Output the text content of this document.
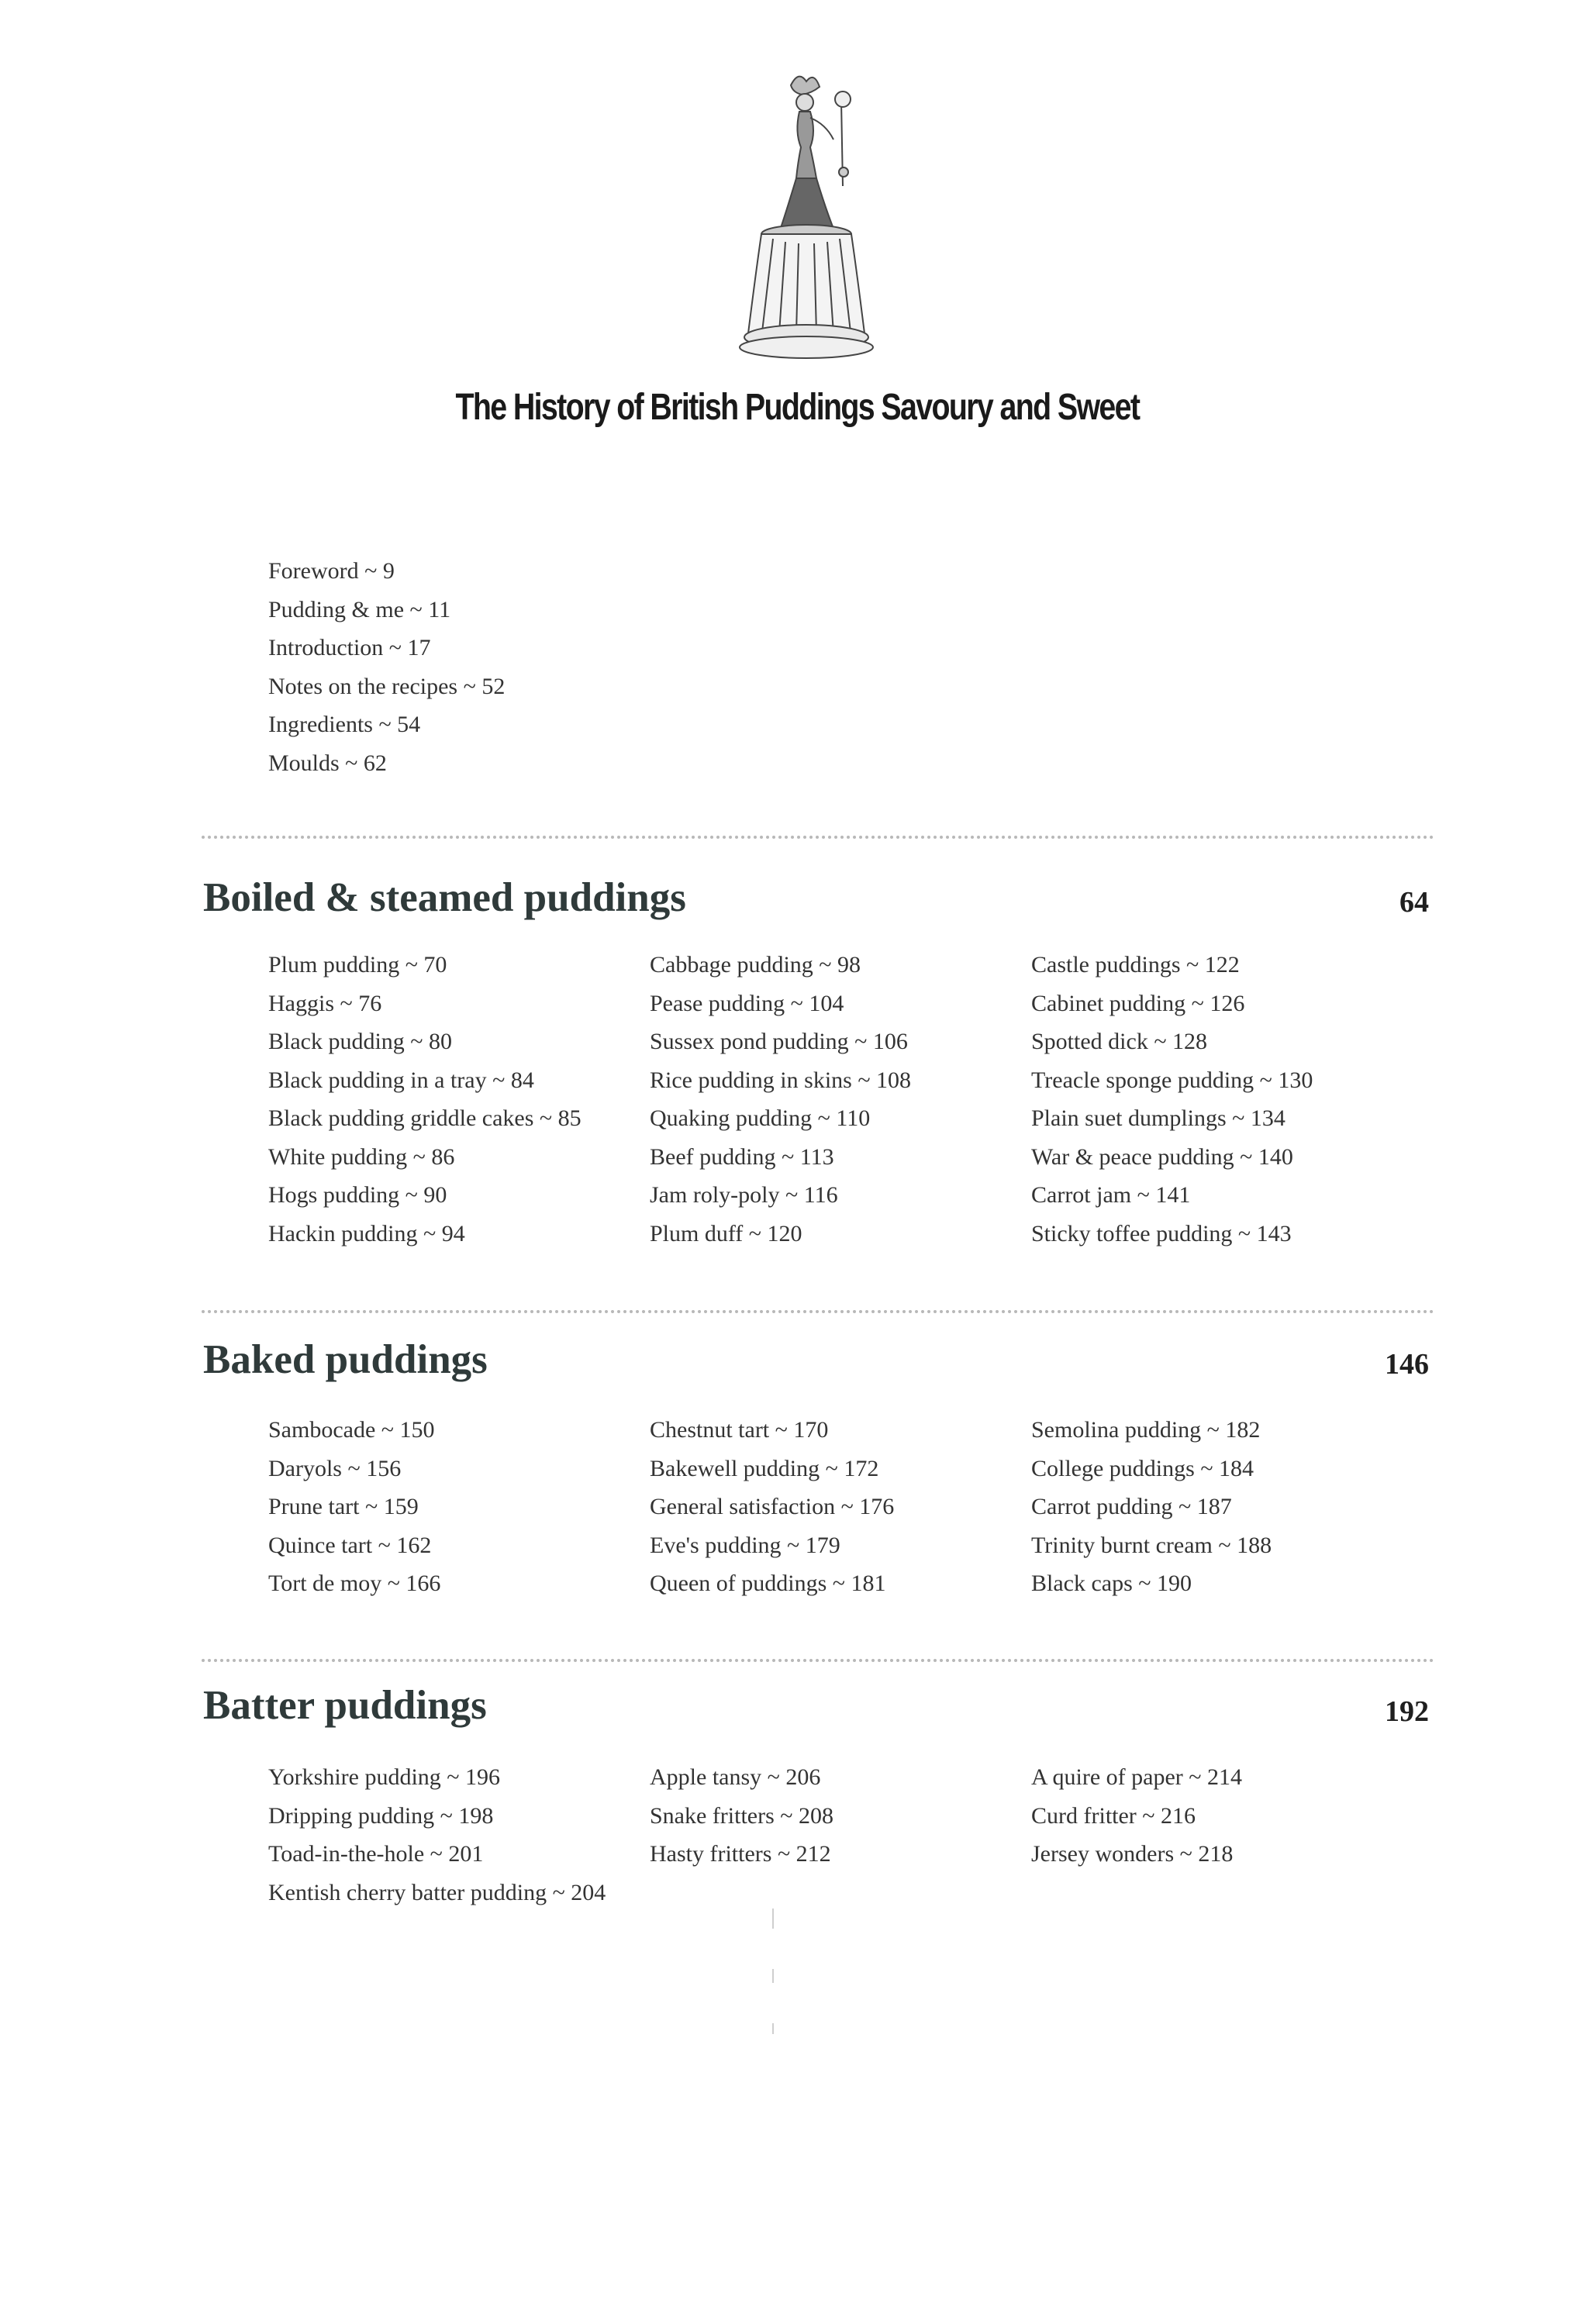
The History of British Puddings Savoury and Sweet
Foreword ~ 9
Pudding & me ~ 11
Introduction ~ 17
Notes on the recipes ~ 52
Ingredients ~ 54
Moulds ~ 62
Boiled & steamed puddings	64
Plum pudding ~ 70
Haggis ~ 76
Black pudding ~ 80
Black pudding in a tray ~ 84
Black pudding griddle cakes ~ 85
White pudding ~ 86
Hogs pudding ~ 90
Hackin pudding ~ 94
Cabbage pudding ~ 98
Pease pudding ~ 104
Sussex pond pudding ~ 106
Rice pudding in skins ~ 108
Quaking pudding ~ 110
Beef pudding ~ 113
Jam roly-poly ~ 116
Plum duff ~ 120
Castle puddings ~ 122
Cabinet pudding ~ 126
Spotted dick ~ 128
Treacle sponge pudding ~ 130
Plain suet dumplings ~ 134
War & peace pudding ~ 140
Carrot jam ~ 141
Sticky toffee pudding ~ 143
Baked puddings	146
Sambocade ~ 150
Daryols ~ 156
Prune tart ~ 159
Quince tart ~ 162
Tort de moy ~ 166
Chestnut tart ~ 170
Bakewell pudding ~ 172
General satisfaction ~ 176
Eve's pudding ~ 179
Queen of puddings ~ 181
Semolina pudding ~ 182
College puddings ~ 184
Carrot pudding ~ 187
Trinity burnt cream ~ 188
Black caps ~ 190
Batter puddings	192
Yorkshire pudding ~ 196
Dripping pudding ~ 198
Toad-in-the-hole ~ 201
Kentish cherry batter pudding ~ 204
Apple tansy ~ 206
Snake fritters ~ 208
Hasty fritters ~ 212
A quire of paper ~ 214
Curd fritter ~ 216
Jersey wonders ~ 218
